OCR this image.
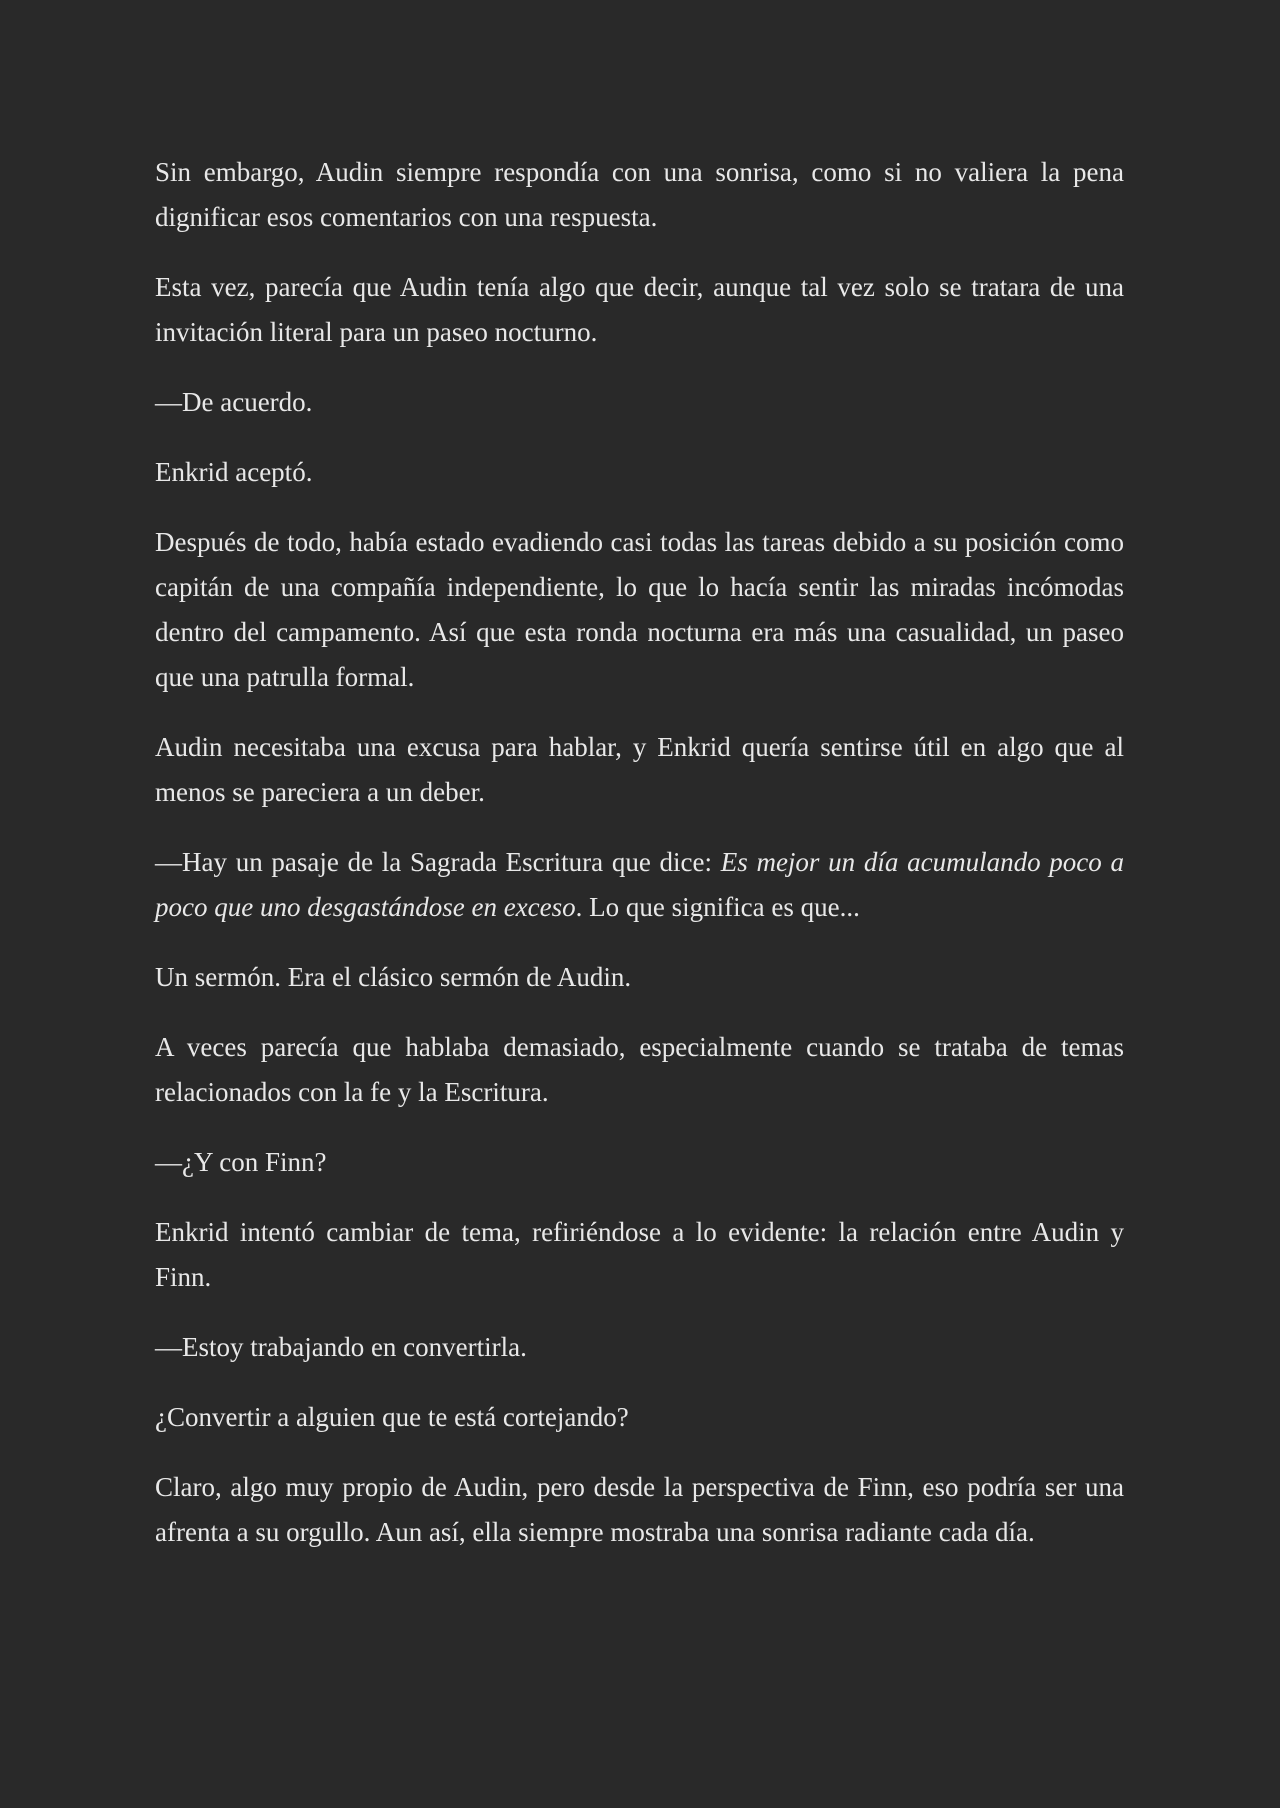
Sin embargo, Audin siempre respondía con una sonrisa, como si no valiera la pena dignificar esos comentarios con una respuesta.

Esta vez, parecía que Audin tenía algo que decir, aunque tal vez solo se tratara de una invitación literal para un paseo nocturno.

—De acuerdo.

Enkrid aceptó.

Después de todo, había estado evadiendo casi todas las tareas debido a su posición como capitán de una compañía independiente, lo que lo hacía sentir las miradas incómodas dentro del campamento. Así que esta ronda nocturna era más una casualidad, un paseo que una patrulla formal.

Audin necesitaba una excusa para hablar, y Enkrid quería sentirse útil en algo que al menos se pareciera a un deber.

—Hay un pasaje de la Sagrada Escritura que dice: Es mejor un día acumulando poco a poco que uno desgastándose en exceso. Lo que significa es que...

Un sermón. Era el clásico sermón de Audin.

A veces parecía que hablaba demasiado, especialmente cuando se trataba de temas relacionados con la fe y la Escritura.

—¿Y con Finn?

Enkrid intentó cambiar de tema, refiriéndose a lo evidente: la relación entre Audin y Finn.

—Estoy trabajando en convertirla.

¿Convertir a alguien que te está cortejando?

Claro, algo muy propio de Audin, pero desde la perspectiva de Finn, eso podría ser una afrenta a su orgullo. Aun así, ella siempre mostraba una sonrisa radiante cada día.
